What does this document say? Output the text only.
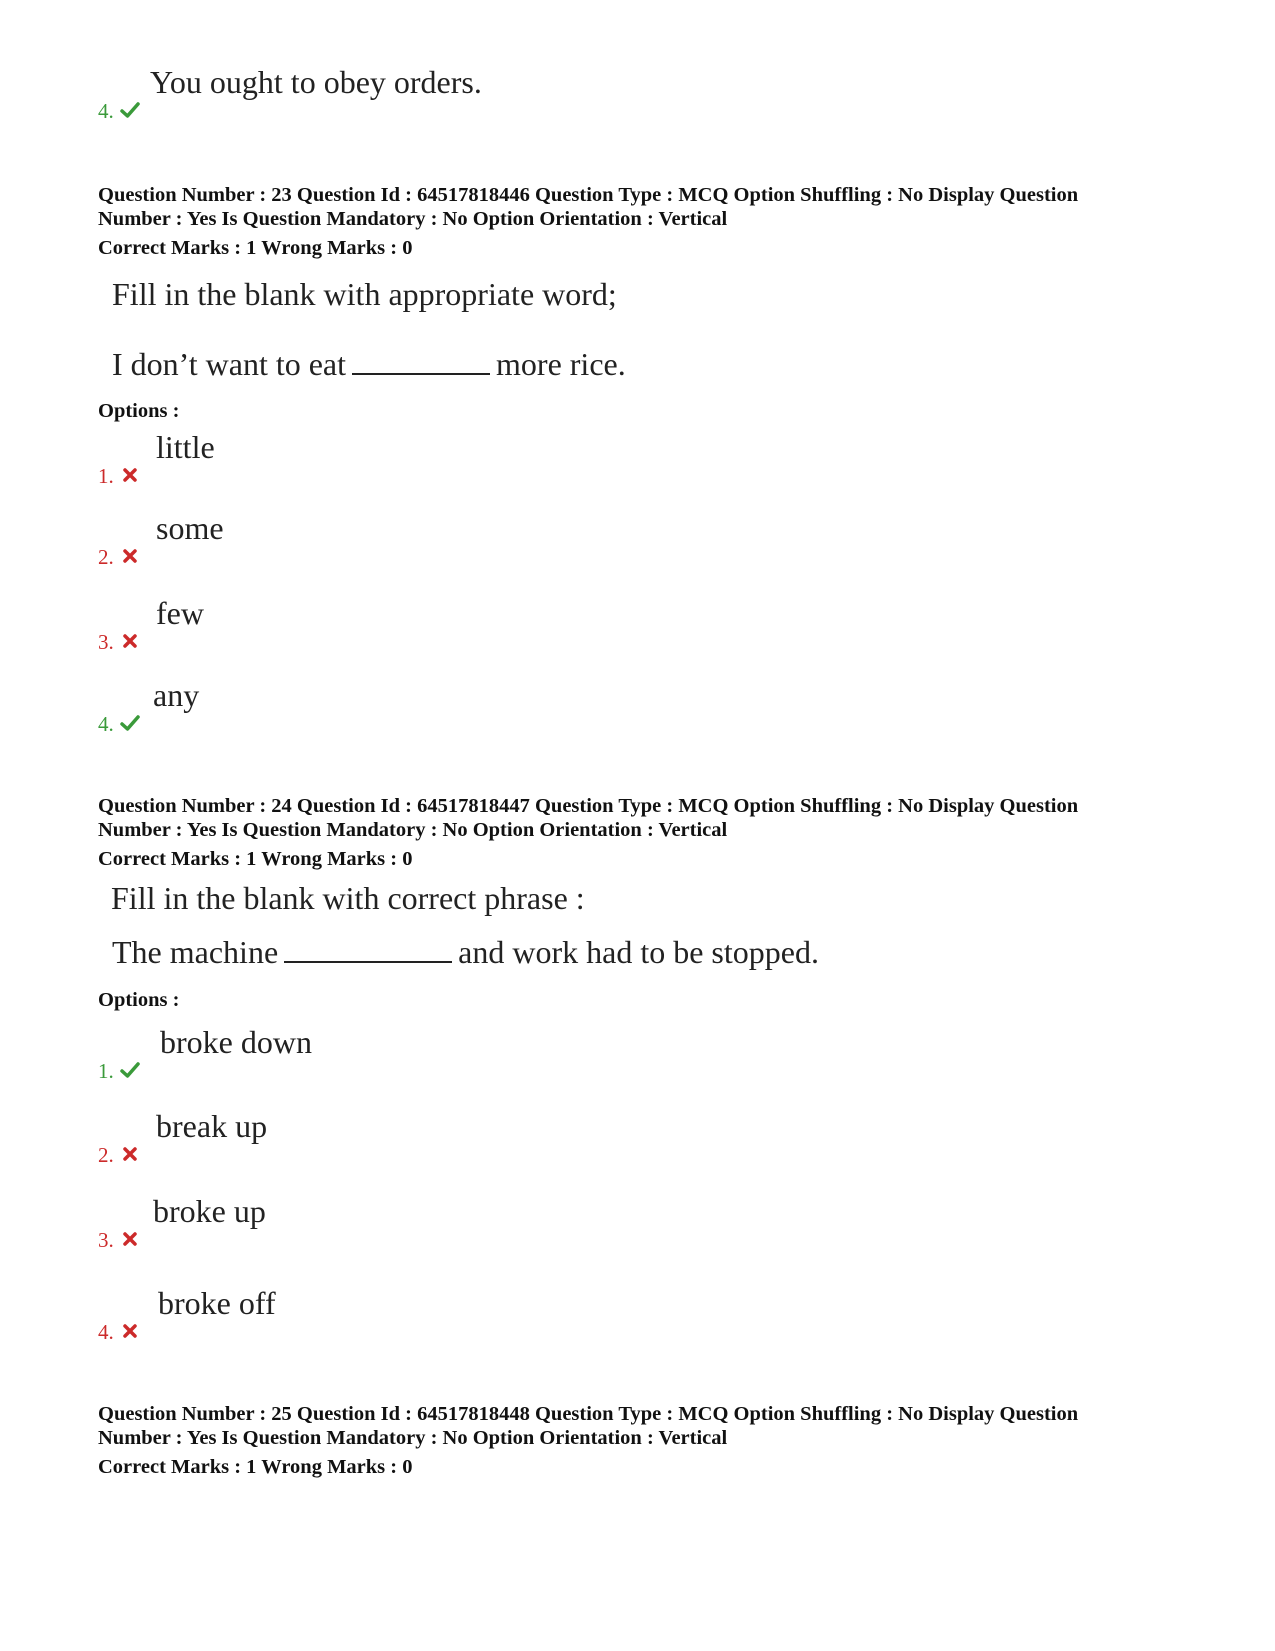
4.
You ought to obey orders.
Question Number : 23 Question Id : 64517818446 Question Type : MCQ Option Shuffling : No Display Question
Number : Yes Is Question Mandatory : No Option Orientation : Vertical
Correct Marks : 1 Wrong Marks : 0
Fill in the blank with appropriate word;
I don’t want to eat	more rice.
Options :
1.
little
2.
some
3.
few
4.
any
Question Number : 24 Question Id : 64517818447 Question Type : MCQ Option Shuffling : No Display Question
Number : Yes Is Question Mandatory : No Option Orientation : Vertical
Correct Marks : 1 Wrong Marks : 0
Fill in the blank with correct phrase :
The machine	and work had to be stopped.
Options :
1.
broke down
2.
break up
3.
broke up
4.
broke off
Question Number : 25 Question Id : 64517818448 Question Type : MCQ Option Shuffling : No Display Question
Number : Yes Is Question Mandatory : No Option Orientation : Vertical
Correct Marks : 1 Wrong Marks : 0
